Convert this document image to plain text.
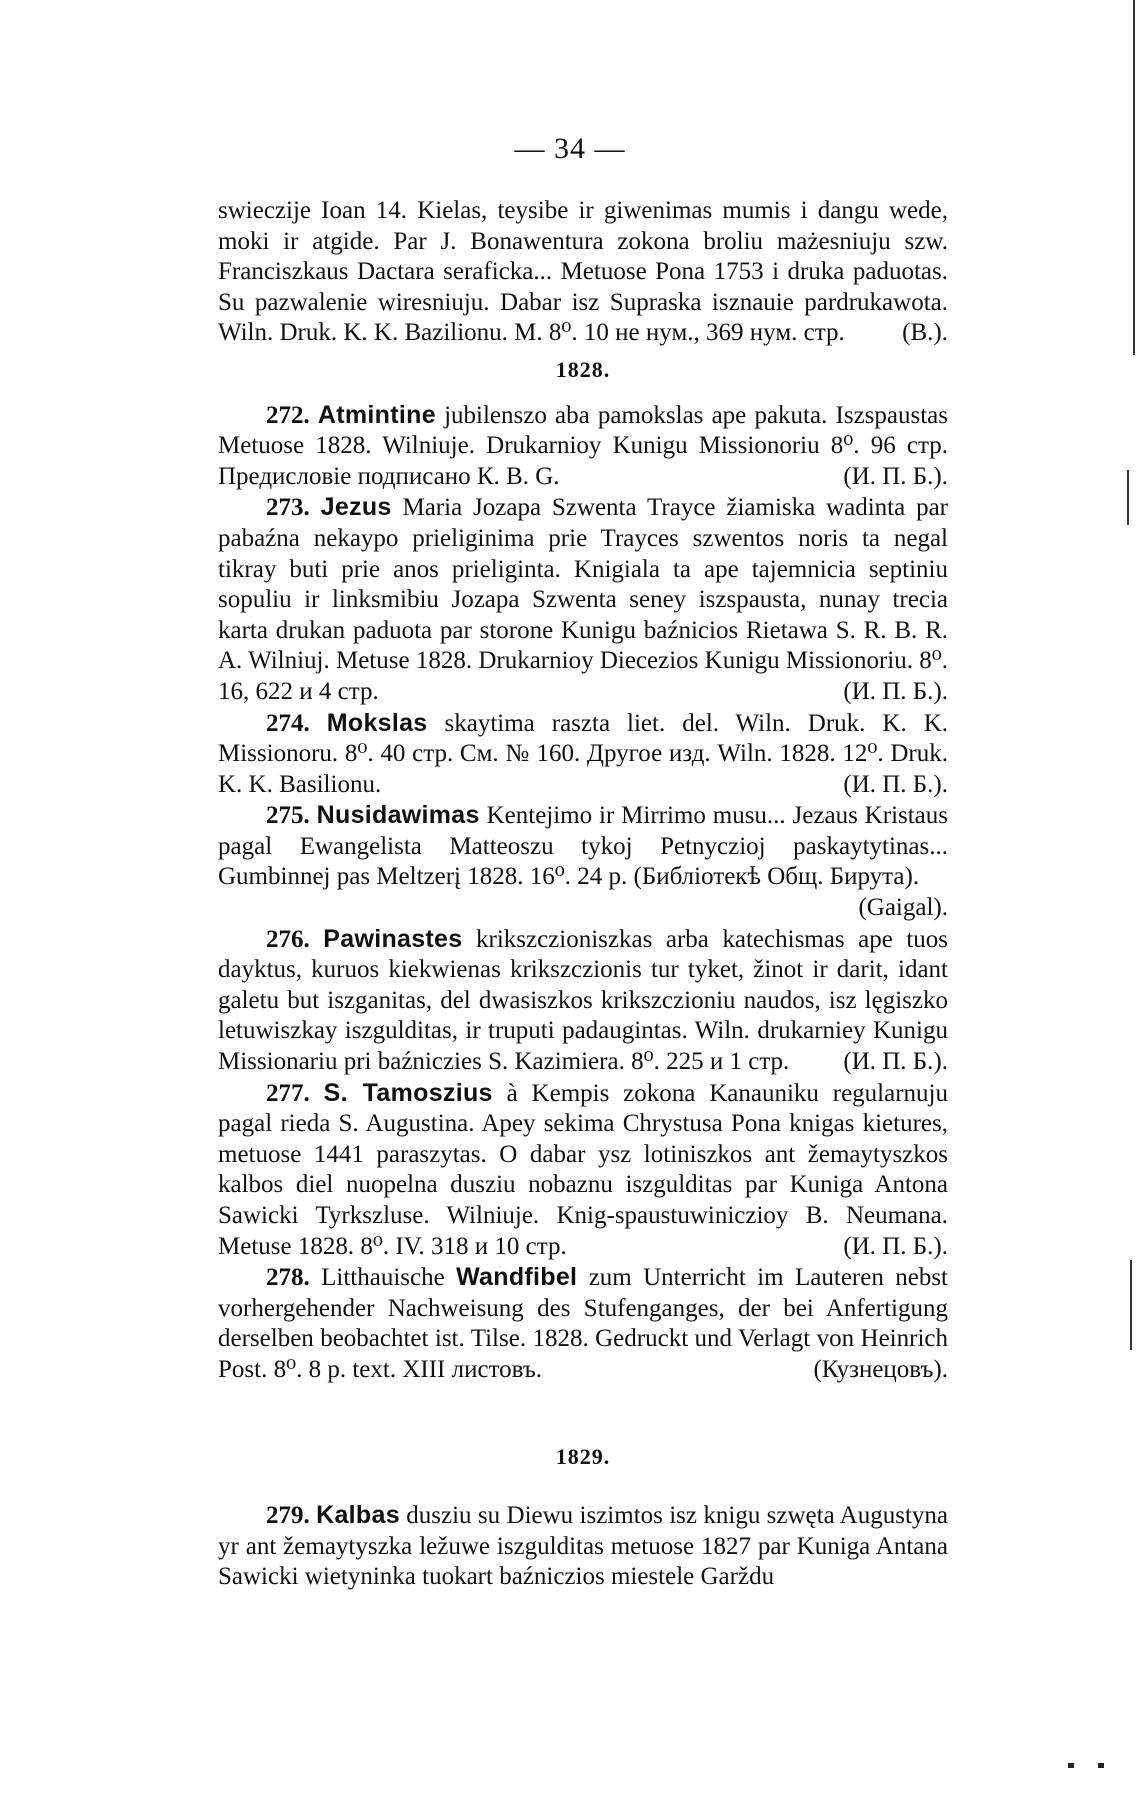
— 34 —

swieczije Ioan 14. Kielas, teysibe ir giwenimas mumis i dangu wede, moki ir atgide. Par J. Bonawentura zokona broliu mażesniuju szw. Franciszkaus Dactara seraficka... Metuose Pona 1753 i druka paduotas. Su pazwalenie wiresniuju. Dabar isz Supraska isznauie pardrukawota. Wiln. Druk. K. K. Bazilionu. M. 8⁰. 10 не нум., 369 нум. стр. (В.).

1828.

272. Atmintine jubilenszo aba pamokslas ape pakuta. Iszspaustas Metuose 1828. Wilniuje. Drukarnioy Kunigu Missionoriu 8⁰. 96 стр. Предисловіе подписано К. В. G.	(И. П. Б.).

273. Jezus Maria Jozapa Szwenta Trayce žiamiska wadinta par pabaźna nekaypo prieliginima prie Trayces szwentos noris ta negal tikray buti prie anos prieliginta. Knigiala ta ape tajemnicia septiniu sopuliu ir linksmibiu Jozapa Szwenta seney iszspausta, nunay trecia karta drukan paduota par storone Kunigu baźnicios Rietawa S. R. B. R. A. Wilniuj. Metuse 1828. Drukarnioy Diecezios Kunigu Missionoriu. 8⁰. 16, 622 и 4 стр.	(И. П. Б.).

274. Mokslas skaytima raszta liet. del. Wiln. Druk. K. K. Missionoru. 8⁰. 40 стр. См. № 160. Другое изд. Wiln. 1828. 12⁰. Druk. K. K. Basilionu.	(И. П. Б.).

275. Nusidawimas Kentejimo ir Mirrimo musu... Jezaus Kristaus pagal Ewangelista Matteoszu tykoj Petnycziој paskaytytinas... Gumbinnej pas Meltzerį 1828. 16⁰. 24 p. (Библіотекѣ Общ. Бирута).
(Gaigal).

276. Pawinastes krikszczioniszkas arba katechismas ape tuos dayktus, kuruos kiekwienas krikszczionis tur tyket, žinot ir darit, idant galetu but iszganitas, del dwasiszkos krikszczioniu naudos, isz lęgiszko letuwiszkay iszgulditas, ir truputi padaugintas. Wiln. drukarniey Kunigu Missionariu pri baźniczies S. Kazimiera. 8⁰. 225 и 1 стр.	(И. П. Б.).

277. S. Tamoszius à Kempis zokona Kanauniku regularnuju pagal rieda S. Augustina. Apey sekima Chrystusa Pona knigas kietures, metuose 1441 paraszytas. O dabar ysz lotiniszkos ant žemaytyszkos kalbos diel nuopelna dusziu nobaznu iszgulditas par Kuniga Antona Sawicki Tyrkszluse. Wilniuje. Knig-spaustuwiniczioy B. Neumana. Metuse 1828. 8⁰. IV. 318 и 10 стр.	(И. П. Б.).

278. Litthauische Wandfibel zum Unterricht im Lauteren nebst vorhergehender Nachweisung des Stufenganges, der bei Anfertigung derselben beobachtet ist. Tilse. 1828. Gedruckt und Verlagt von Heinrich Post. 8⁰. 8 p. text. XIII листовъ.	(Кузнецовъ).

1829.

279. Kalbas dusziu su Diewu iszimtos isz knigu szwęta Augustyna yr ant žemaytyszka ležuwe iszgulditas metuose 1827 par Kuniga Antana Sawicki wietyninka tuokart baźniczios miestele Garždu
